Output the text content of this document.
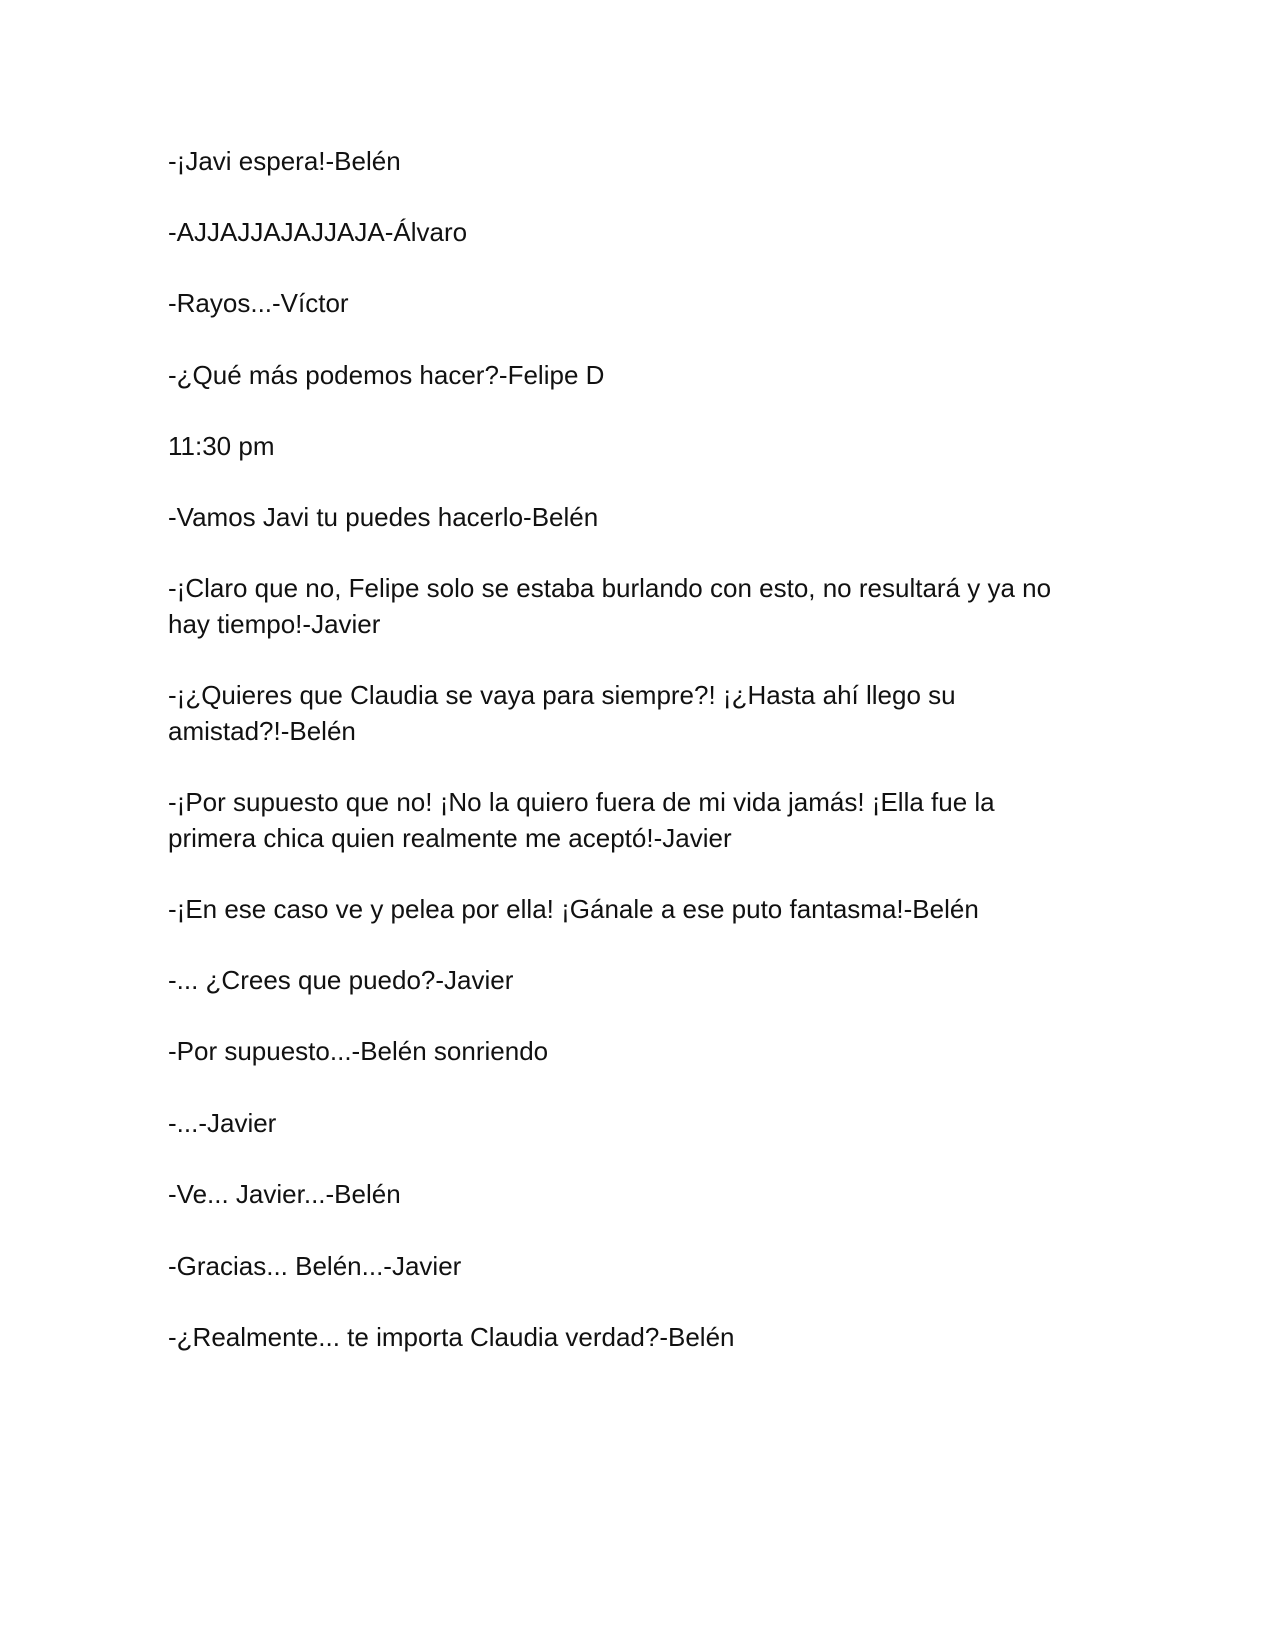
-¡Javi espera!-Belén

-AJJAJJAJAJJAJA-Álvaro

-Rayos...-Víctor

-¿Qué más podemos hacer?-Felipe D

11:30 pm

-Vamos Javi tu puedes hacerlo-Belén

-¡Claro que no, Felipe solo se estaba burlando con esto, no resultará y ya no hay tiempo!-Javier

-¡¿Quieres que Claudia se vaya para siempre?! ¡¿Hasta ahí llego su amistad?!-Belén

-¡Por supuesto que no! ¡No la quiero fuera de mi vida jamás! ¡Ella fue la primera chica quien realmente me aceptó!-Javier

-¡En ese caso ve y pelea por ella! ¡Gánale a ese puto fantasma!-Belén

-... ¿Crees que puedo?-Javier

-Por supuesto...-Belén sonriendo

-...-Javier

-Ve... Javier...-Belén

-Gracias... Belén...-Javier

-¿Realmente... te importa Claudia verdad?-Belén
